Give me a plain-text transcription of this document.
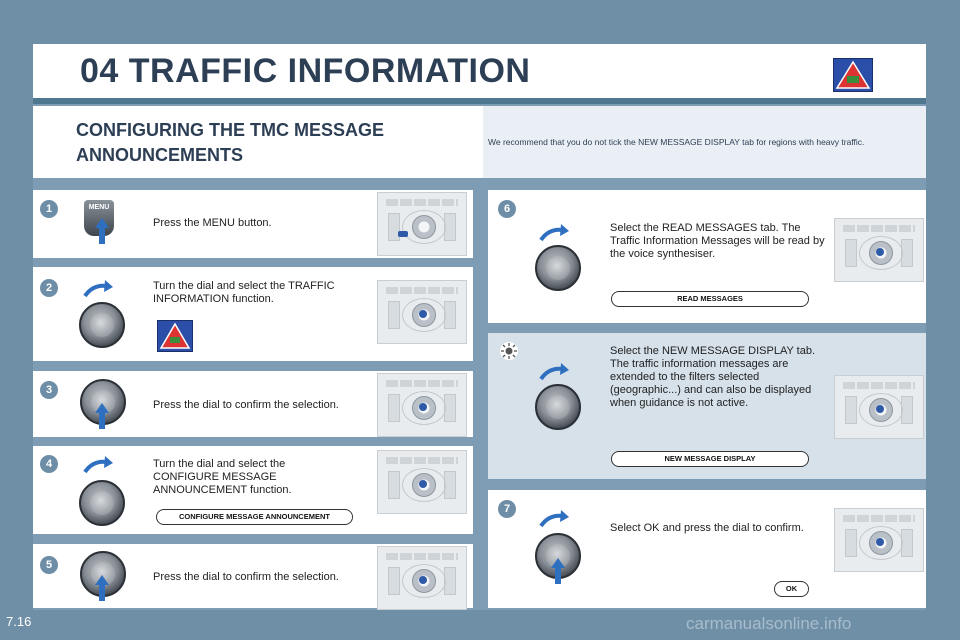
04 TRAFFIC INFORMATION
CONFIGURING THE TMC MESSAGE ANNOUNCEMENTS
We recommend that you do not tick the NEW MESSAGE DISPLAY tab for regions with heavy traffic.
1	MENU
Press the MENU button.
2	Turn the dial and select the TRAFFIC INFORMATION function.
3
Press the dial to confirm the selection.
4	Turn the dial and select the CONFIGURE MESSAGE ANNOUNCEMENT function.
CONFIGURE MESSAGE ANNOUNCEMENT
5
Press the dial to confirm the selection.
6
Select the READ MESSAGES tab. The Traffic Information Messages will be read by the voice synthesiser.
READ MESSAGES
Select the NEW MESSAGE DISPLAY tab. The traffic information messages are extended to the filters selected (geographic...) and can also be displayed when guidance is not active.
NEW MESSAGE DISPLAY
7
Select OK and press the dial to confirm.
OK
7.16	carmanualsonline.info
